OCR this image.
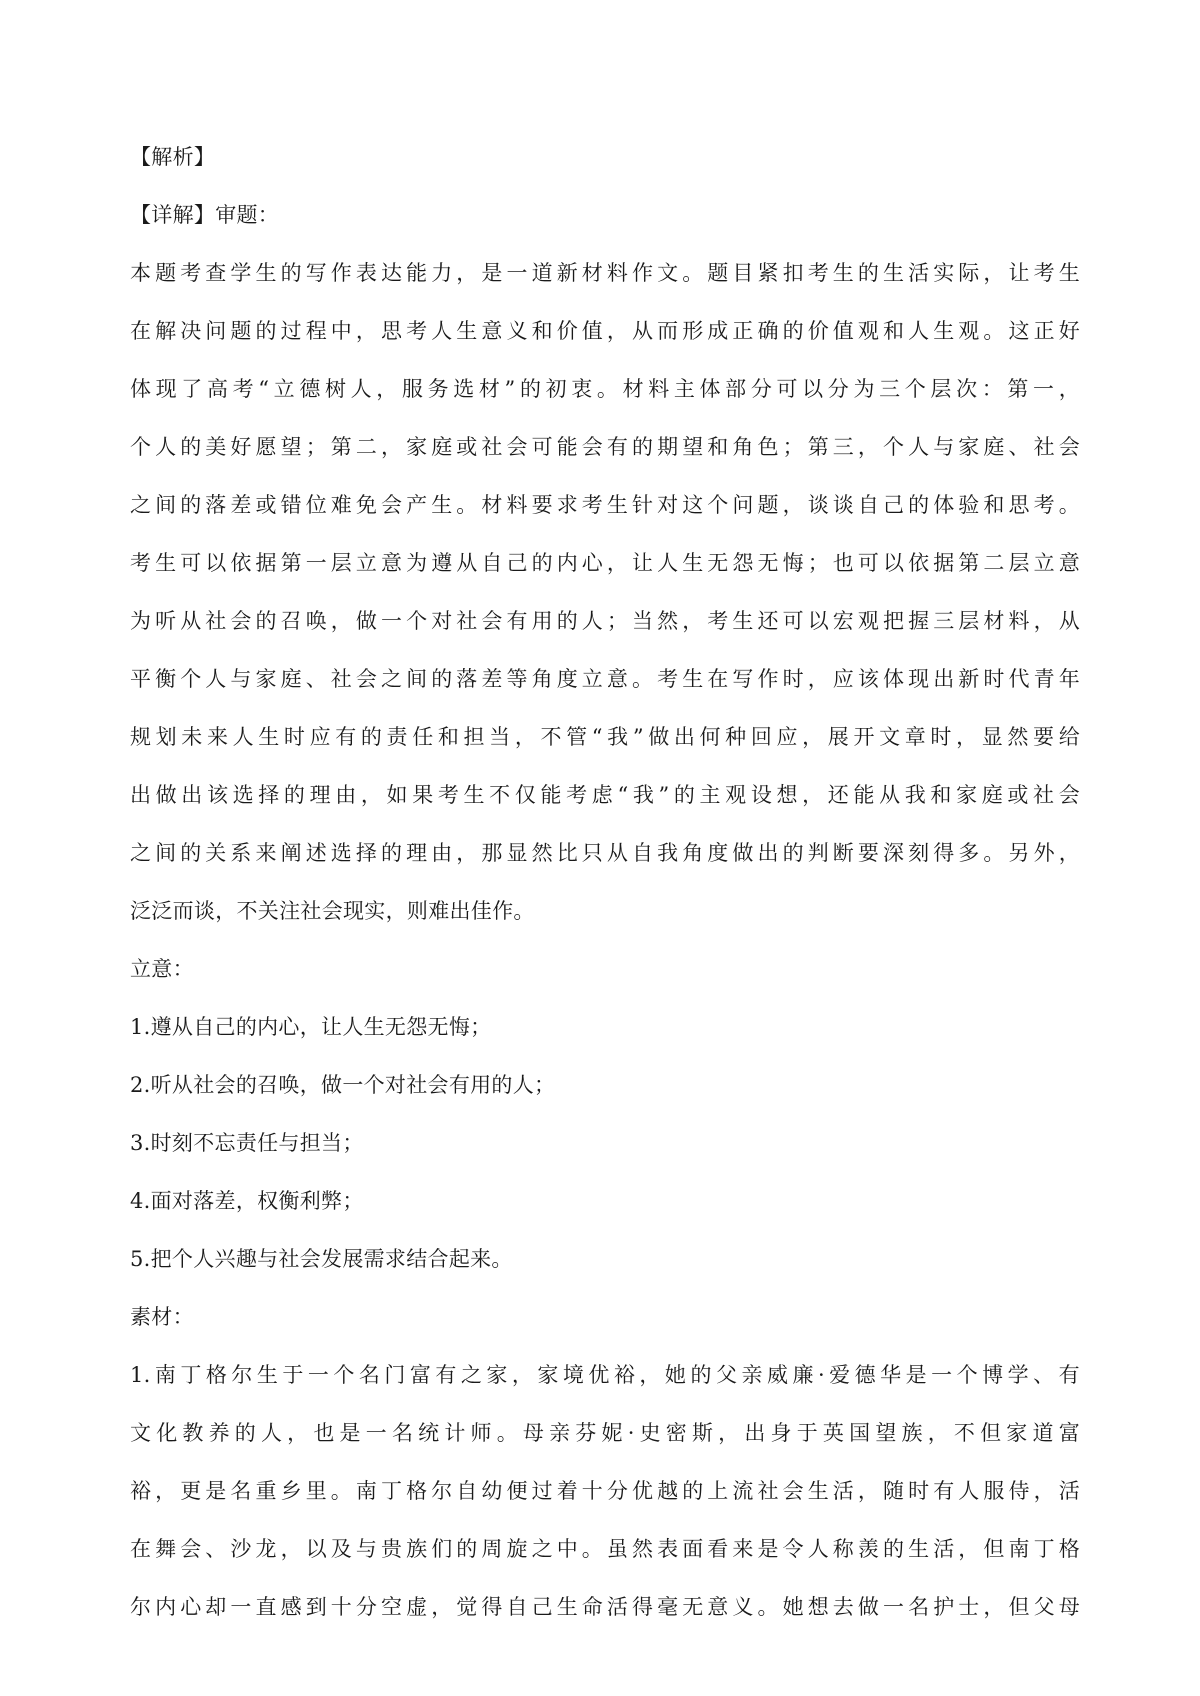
【解析】
【详解】审题：
本题考查学生的写作表达能力，是一道新材料作文。题目紧扣考生的生活实际，让考生
在解决问题的过程中，思考人生意义和价值，从而形成正确的价值观和人生观。这正好
体现了高考“立德树人，服务选材”的初衷。材料主体部分可以分为三个层次：第一，
个人的美好愿望；第二，家庭或社会可能会有的期望和角色；第三，个人与家庭、社会
之间的落差或错位难免会产生。材料要求考生针对这个问题，谈谈自己的体验和思考。
考生可以依据第一层立意为遵从自己的内心，让人生无怨无悔；也可以依据第二层立意
为听从社会的召唤，做一个对社会有用的人；当然，考生还可以宏观把握三层材料，从
平衡个人与家庭、社会之间的落差等角度立意。考生在写作时，应该体现出新时代青年
规划未来人生时应有的责任和担当，不管“我”做出何种回应，展开文章时，显然要给
出做出该选择的理由，如果考生不仅能考虑“我”的主观设想，还能从我和家庭或社会
之间的关系来阐述选择的理由，那显然比只从自我角度做出的判断要深刻得多。另外，
泛泛而谈，不关注社会现实，则难出佳作。
立意：
1.遵从自己的内心，让人生无怨无悔；
2.听从社会的召唤，做一个对社会有用的人；
3.时刻不忘责任与担当；
4.面对落差，权衡利弊；
5.把个人兴趣与社会发展需求结合起来。
素材：
1.南丁格尔生于一个名门富有之家，家境优裕，她的父亲威廉·爱德华是一个博学、有
文化教养的人，也是一名统计师。母亲芬妮·史密斯，出身于英国望族，不但家道富
裕，更是名重乡里。南丁格尔自幼便过着十分优越的上流社会生活，随时有人服侍，活
在舞会、沙龙，以及与贵族们的周旋之中。虽然表面看来是令人称羡的生活，但南丁格
尔内心却一直感到十分空虚，觉得自己生命活得毫无意义。她想去做一名护士，但父母
